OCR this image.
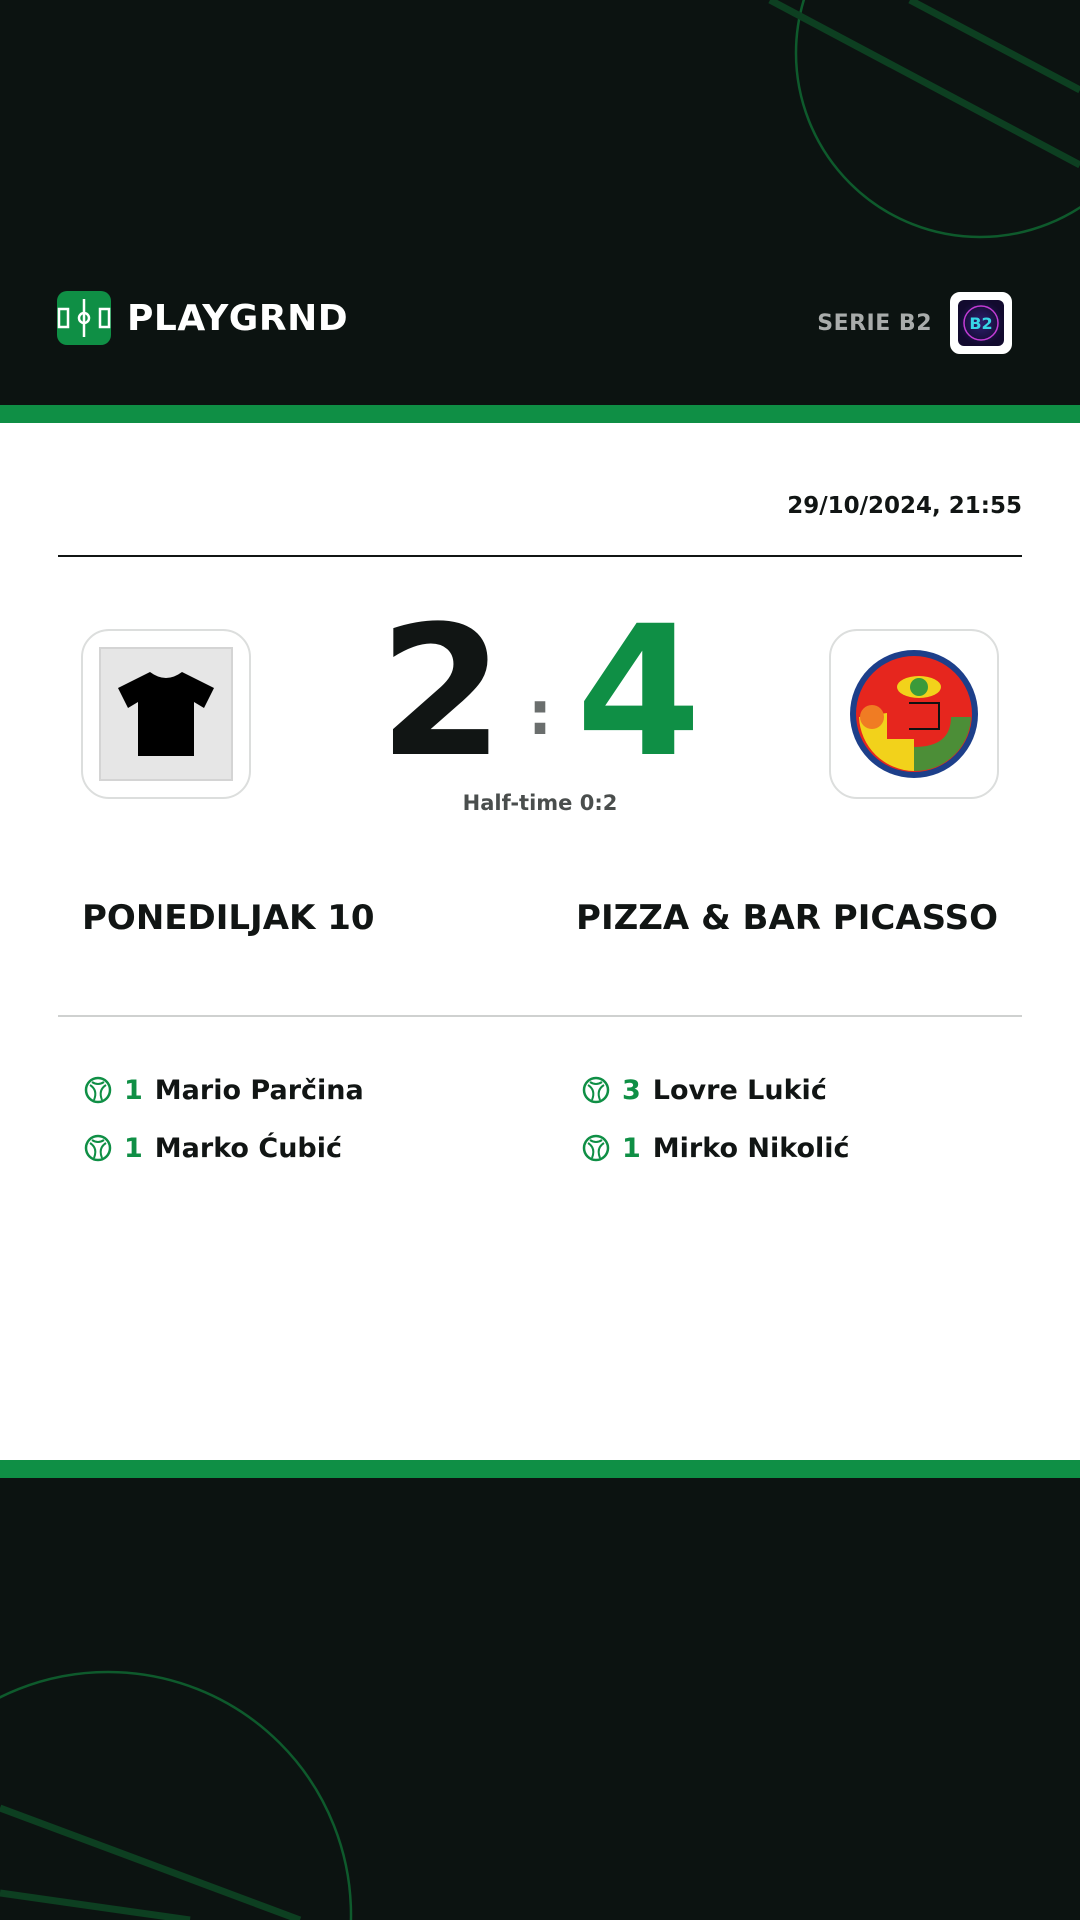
PLAYGRND	SERIE B2 B2
29/10/2024, 21:55
2 : 4
Half-time 0:2
PONEDILJAK 10	PIZZA & BAR PICASSO
1 Mario Parčina
1 Marko Ćubić
3 Lovre Lukić
1 Mirko Nikolić
